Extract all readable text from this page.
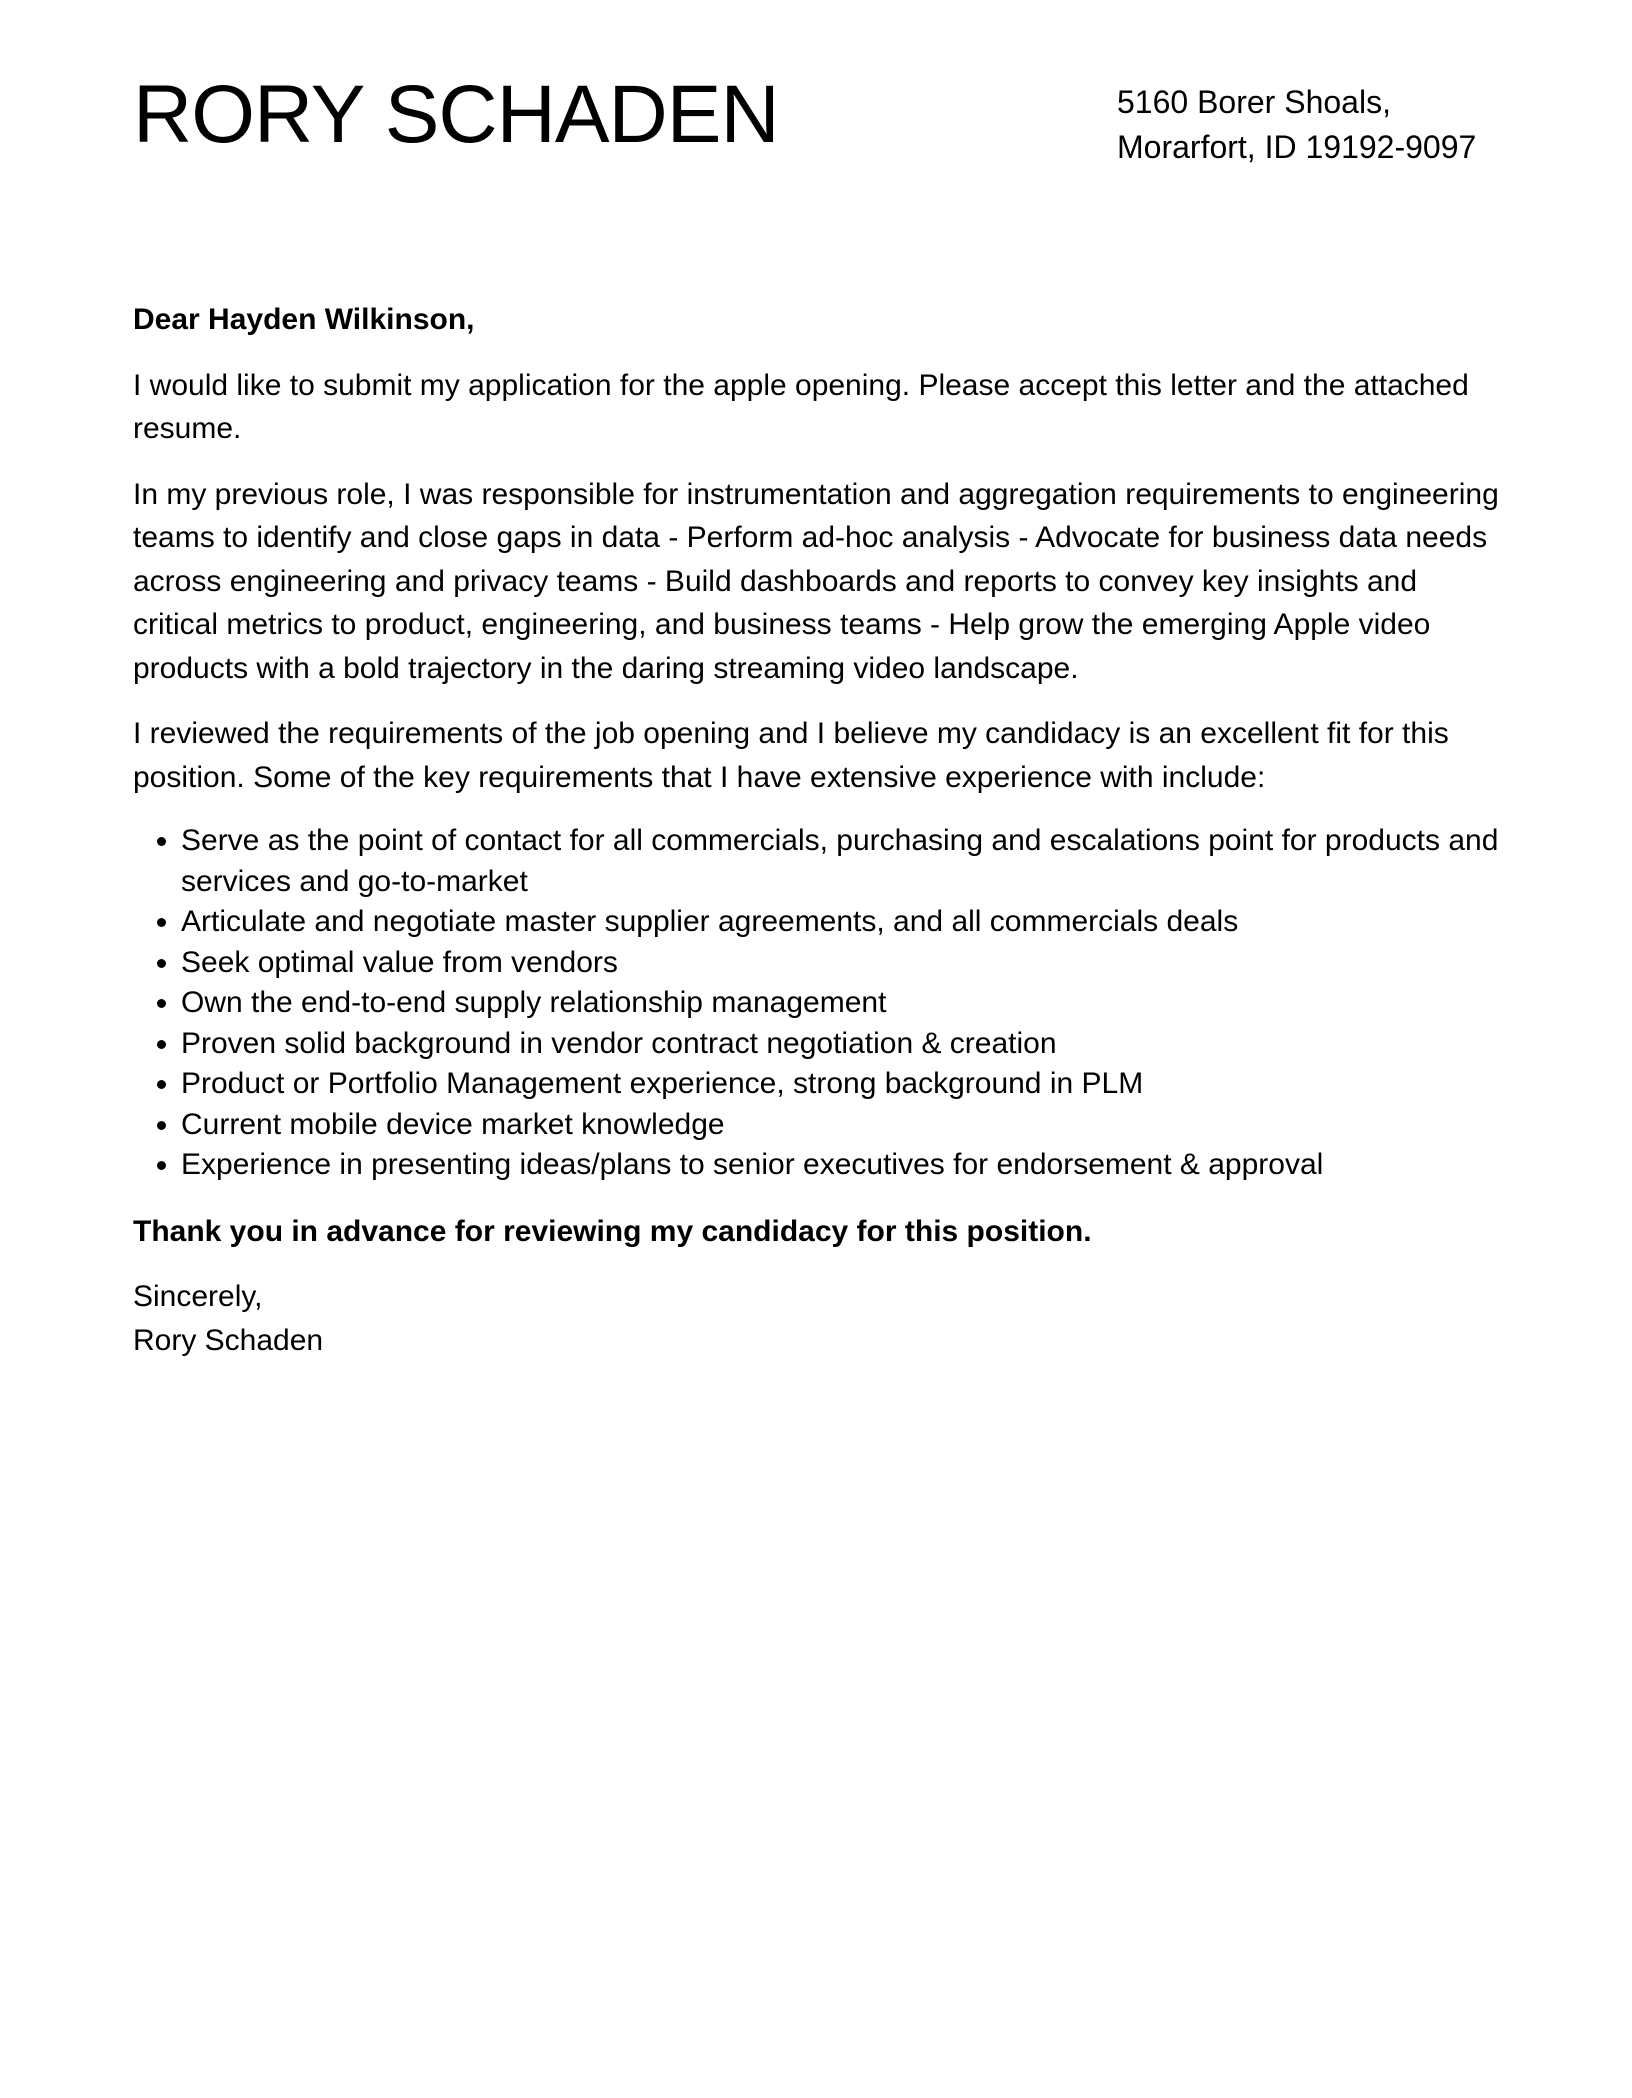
RORY SCHADEN	5160 Borer Shoals,
Morarfort, ID 19192-9097

Dear Hayden Wilkinson,

I would like to submit my application for the apple opening. Please accept this letter and the attached resume.

In my previous role, I was responsible for instrumentation and aggregation requirements to engineering teams to identify and close gaps in data - Perform ad-hoc analysis - Advocate for business data needs across engineering and privacy teams - Build dashboards and reports to convey key insights and critical metrics to product, engineering, and business teams - Help grow the emerging Apple video products with a bold trajectory in the daring streaming video landscape.

I reviewed the requirements of the job opening and I believe my candidacy is an excellent fit for this position. Some of the key requirements that I have extensive experience with include:

• Serve as the point of contact for all commercials, purchasing and escalations point for products and services and go-to-market
• Articulate and negotiate master supplier agreements, and all commercials deals
• Seek optimal value from vendors
• Own the end-to-end supply relationship management
• Proven solid background in vendor contract negotiation & creation
• Product or Portfolio Management experience, strong background in PLM
• Current mobile device market knowledge
• Experience in presenting ideas/plans to senior executives for endorsement & approval

Thank you in advance for reviewing my candidacy for this position.

Sincerely,
Rory Schaden
